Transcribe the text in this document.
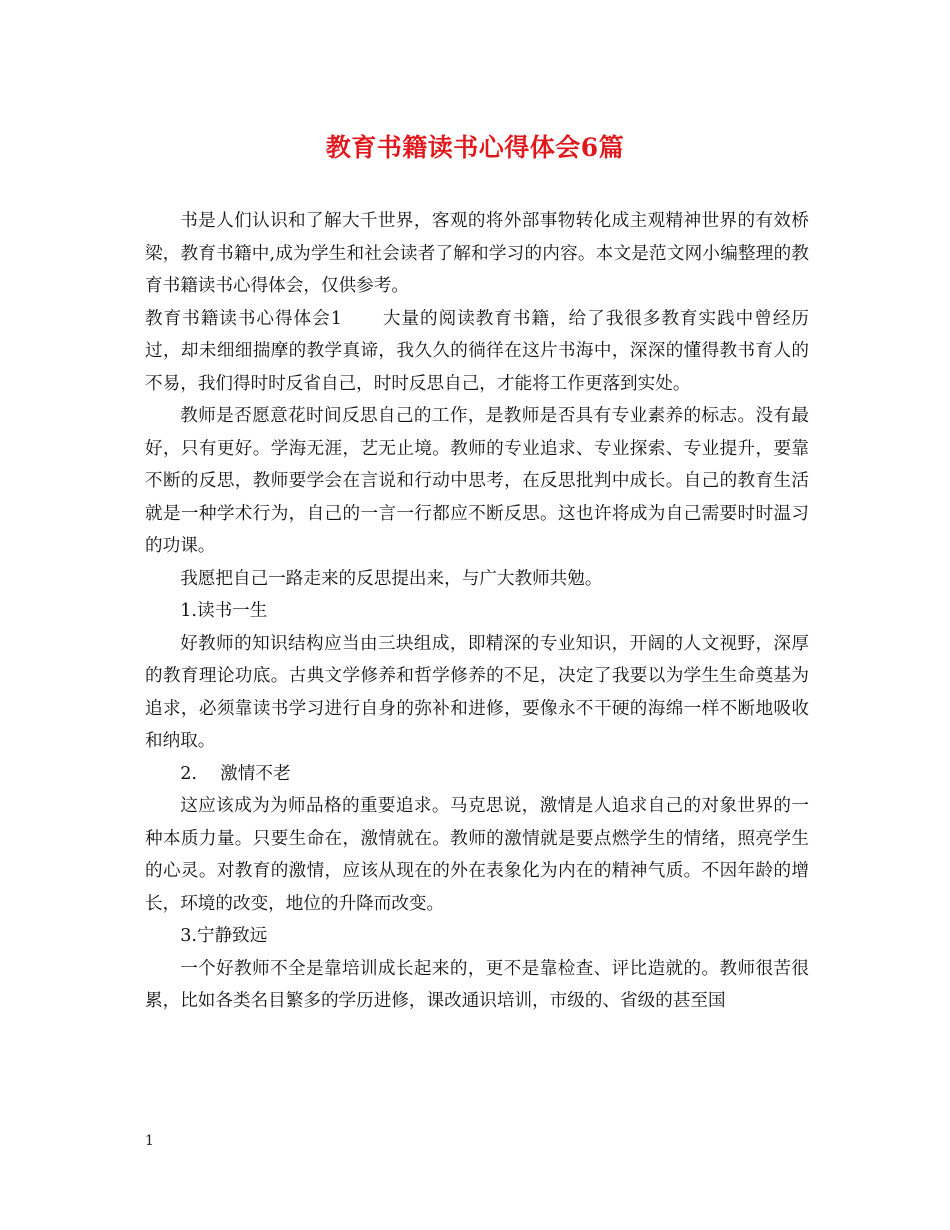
教育书籍读书心得体会6篇

书是人们认识和了解大千世界，客观的将外部事物转化成主观精神世界的有效桥梁，教育书籍中,成为学生和社会读者了解和学习的内容。本文是范文网小编整理的教育书籍读书心得体会，仅供参考。

教育书籍读书心得体会1 大量的阅读教育书籍，给了我很多教育实践中曾经历过，却未细细揣摩的教学真谛，我久久的徜徉在这片书海中，深深的懂得教书育人的不易，我们得时时反省自己，时时反思自己，才能将工作更落到实处。

教师是否愿意花时间反思自己的工作，是教师是否具有专业素养的标志。没有最好，只有更好。学海无涯，艺无止境。教师的专业追求、专业探索、专业提升，要靠不断的反思，教师要学会在言说和行动中思考，在反思批判中成长。自己的教育生活就是一种学术行为，自己的一言一行都应不断反思。这也许将成为自己需要时时温习的功课。

我愿把自己一路走来的反思提出来，与广大教师共勉。

1.读书一生

好教师的知识结构应当由三块组成，即精深的专业知识，开阔的人文视野，深厚的教育理论功底。古典文学修养和哲学修养的不足，决定了我要以为学生生命奠基为追求，必须靠读书学习进行自身的弥补和进修，要像永不干硬的海绵一样不断地吸收和纳取。

2.　 激情不老

这应该成为为师品格的重要追求。马克思说，激情是人追求自己的对象世界的一种本质力量。只要生命在，激情就在。教师的激情就是要点燃学生的情绪，照亮学生的心灵。对教育的激情，应该从现在的外在表象化为内在的精神气质。不因年龄的增长，环境的改变，地位的升降而改变。

3.宁静致远

一个好教师不全是靠培训成长起来的，更不是靠检查、评比造就的。教师很苦很累，比如各类名目繁多的学历进修，课改通识培训，市级的、省级的甚至国

1
